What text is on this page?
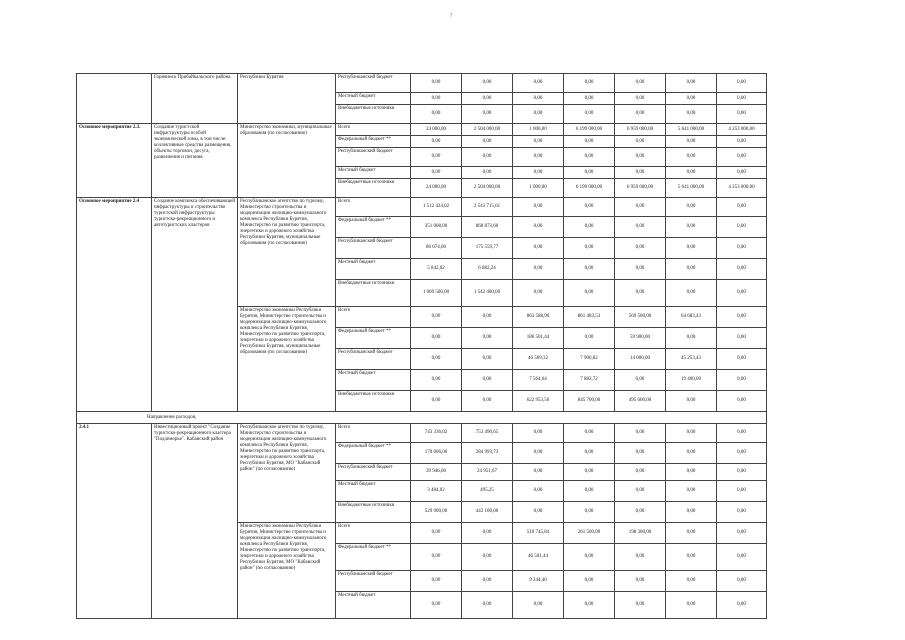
7
	Горячинск Прибайкальского района	Республики Бурятия	Республиканский бюджет	0,00	0,00	0,00	0,00	0,00	0,00	0,00
			Местный бюджет	0,00	0,00	0,00	0,00	0,00	0,00	0,00
			Внебюджетные источники	0,00	0,00	0,00	0,00	0,00	0,00	0,00
Основное мероприятие 2.3.	Создание туристской инфраструктуры особой экономической зоны, в том числе: коллективные средства размещения, объекты торговли, досуга, развлечения и питания	Министерство экономики, муниципальные образования (по согласованию)	Всего	24 000,00	2 504 000,00	1 000,00	6 199 000,00	6 959 000,00	5 641 000,00	4 253 000,00
			Федеральный бюджет **	0,00	0,00	0,00	0,00	0,00	0,00	0,00
			Республиканский бюджет	0,00	0,00	0,00	0,00	0,00	0,00	0,00
			Местный бюджет	0,00	0,00	0,00	0,00	0,00	0,00	0,00
			Внебюджетные источники	24 000,00	2 504 000,00	1 000,00	6 199 000,00	6 959 000,00	5 641 000,00	4 253 000,00
Основное мероприятие 2.4	Создание комплекса обеспечивающей инфраструктуры и строительство туристской инфраструктуры туристско-рекреационного и автотуристских кластеров	Республиканское агентство по туризму, Министерство строительства и модернизации жилищно-коммунального комплекса Республики Бурятия, Министерство по развитию транспорта, энергетики и дорожного хозяйства Республики Бурятия, муниципальные образования (по согласованию)	Всего	1 512 424,02	2 543 715,61	0,00	0,00	0,00	0,00	0,00
			Федеральный бюджет **	351 008,00	868 873,60	0,00	0,00	0,00	0,00	0,00
			Республиканский бюджет	86 074,00	175 559,77	0,00	0,00	0,00	0,00	0,00
			Местный бюджет	5 842,02	6 882,24	0,00	0,00	0,00	0,00	0,00
			Внебюджетные источники	1 069 500,00	1 542 400,00	0,00	0,00	0,00	0,00	0,00
		Министерство экономики Республики Бурятия, Министерство строительства и модернизации жилищно-коммунального комплекса Республики Бурятия, Министерство по развитию транспорта, энергетики и дорожного хозяйства Республики Бурятия, муниципальные образования (по согласованию)	Всего	0,00	0,00	863 588,90	861 483,53	569 500,00	64 683,43	0,00
			Федеральный бюджет **	0,00	0,00	186 501,44	0,00	59 900,00	0,00	0,00
			Республиканский бюджет	0,00	0,00	46 569,32	7 900,82	14 000,00	45 253,43	0,00
			Местный бюджет	0,00	0,00	7 564,64	7 882,72	0,00	19 400,00	0,00
			Внебюджетные источники	0,00	0,00	622 953,50	845 700,00	495 600,00	0,00	0,00
Направление расходов,										
2.4.1	Инвестиционный проект "Создание туристско-рекреационного кластера "Подлеморье". Кабанский район	Республиканское агентство по туризму, Министерство строительства и модернизации жилищно-коммунального комплекса Республики Бурятия, Министерство по развитию транспорта, энергетики и дорожного хозяйства Республики Бурятия, МО "Кабанский район" (по согласованию)	Всего	743 336,02	753 490,65	0,00	0,00	0,00	0,00	0,00
			Федеральный бюджет **	170 006,00	284 993,73	0,00	0,00	0,00	0,00	0,00
			Республиканский бюджет	39 946,00	24 951,67	0,00	0,00	0,00	0,00	0,00
			Местный бюджет	3 484,02	495,25	0,00	0,00	0,00	0,00	0,00
			Внебюджетные источники	529 900,00	443 100,00	0,00	0,00	0,00	0,00	0,00
		Министерство экономики Республики Бурятия, Министерство строительства и модернизации жилищно-коммунального комплекса Республики Бурятия, Министерство по развитию транспорта, энергетики и дорожного хозяйства Республики Бурятия, МО "Кабанский район" (по согласованию)	Всего	0,00	0,00	510 745,84	261 500,00	198 300,00	0,00	0,00
			Федеральный бюджет **	0,00	0,00	46 501,44	0,00	0,00	0,00	0,00
			Республиканский бюджет	0,00	0,00	9 244,40	0,00	0,00	0,00	0,00
			Местный бюджет	0,00	0,00	0,00	0,00	0,00	0,00	0,00
